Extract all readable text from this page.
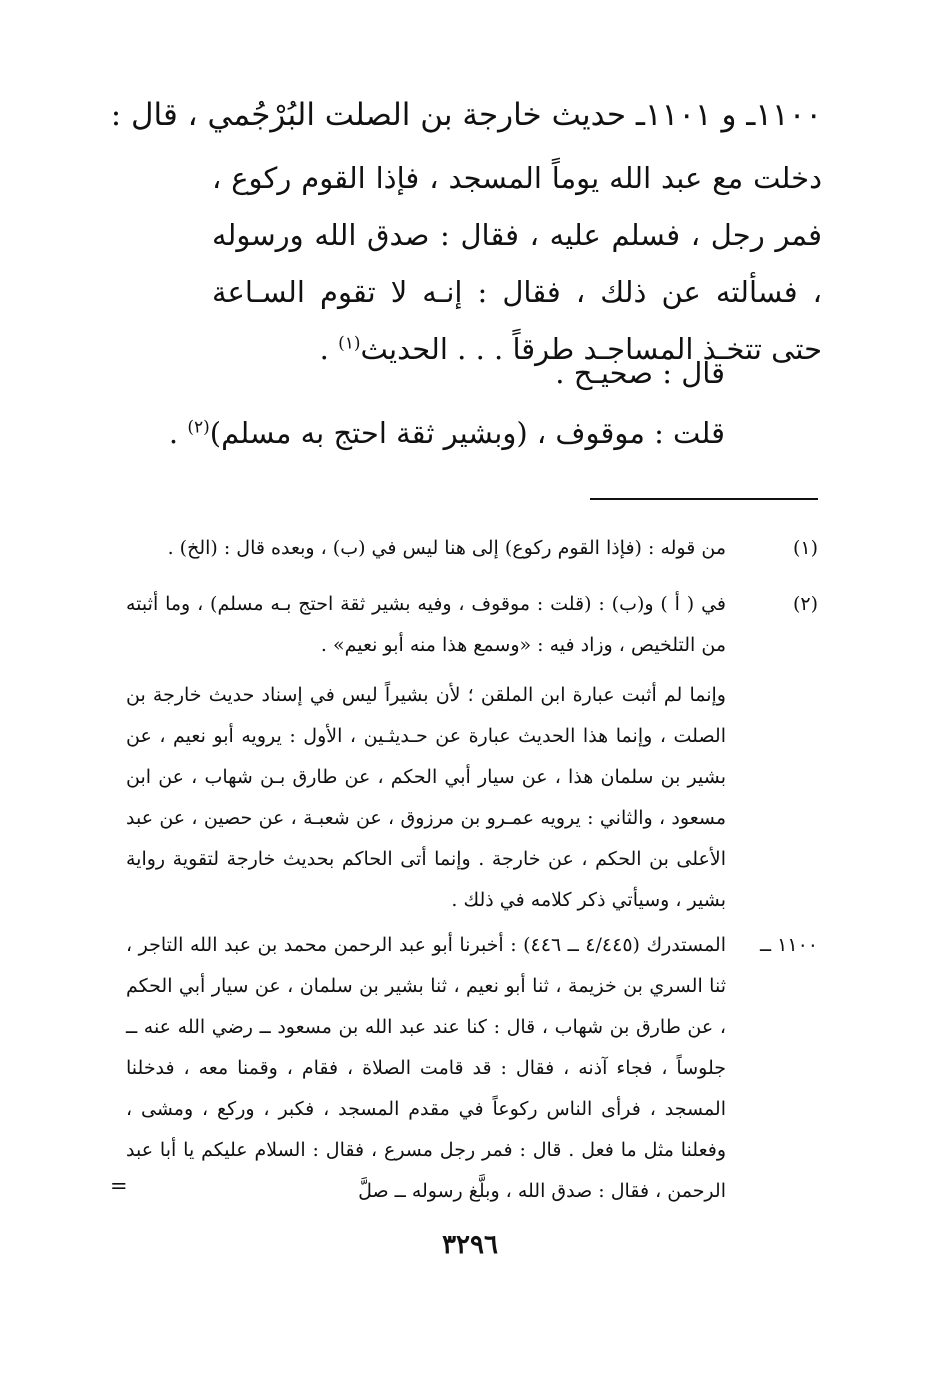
١١٠٠ـ و ١١٠١ـ حديث خارجة بن الصلت البُرْجُمي ، قال :

دخلت مع عبد الله يوماً المسجد ، فإذا القوم ركوع ، فمر رجل ، فسلم عليه ، فقال : صدق الله ورسوله ، فسألته عن ذلك ، فقال : إنـه لا تقوم السـاعة حتى تتخـذ المساجـد طرقاً . . . الحديث$^{(١)}$ .

قال : صحيـح .
قلت : موقوف ، (وبشير ثقة احتج به مسلم)$^{(٢)}$ .
(١)
من قوله : (فإذا القوم ركوع) إلى هنا ليس في (ب) ، وبعده قال : (الخ) .
(٢)
في ( أ ) و(ب) : (قلت : موقوف ، وفيه بشير ثقة احتج بـه مسلم) ، وما أثبته من التلخيص ، وزاد فيه : «وسمع هذا منه أبو نعيم» .
وإنما لم أثبت عبارة ابن الملقن ؛ لأن بشيراً ليس في إسناد حديث خارجة بن الصلت ، وإنما هذا الحديث عبارة عن حـديثـين ، الأول : يرويه أبو نعيم ، عن بشير بن سلمان هذا ، عن سيار أبي الحكم ، عن طارق بـن شهاب ، عن ابن مسعود ، والثاني : يرويه عمـرو بن مرزوق ، عن شعبـة ، عن حصين ، عن عبد الأعلى بن الحكم ، عن خارجة . وإنما أتى الحاكم بحديث خارجة لتقوية رواية بشير ، وسيأتي ذكر كلامه في ذلك .
١١٠٠ ــ
المستدرك (٤/٤٤٥ ــ ٤٤٦) : أخبرنا أبو عبد الرحمن محمد بن عبد الله التاجر ، ثنا السري بن خزيمة ، ثنا أبو نعيم ، ثنا بشير بن سلمان ، عن سيار أبي الحكم ، عن طارق بن شهاب ، قال : كنا عند عبد الله بن مسعود ــ رضي الله عنه ــ جلوساً ، فجاء آذنه ، فقال : قد قامت الصلاة ، فقام ، وقمنا معه ، فدخلنا المسجد ، فرأى الناس ركوعاً في مقدم المسجد ، فكبر ، وركع ، ومشى ، وفعلنا مثل ما فعل . قال : فمر رجل مسرع ، فقال : السلام عليكم يا أبا عبد الرحمن ، فقال : صدق الله ، وبلَّغ رسوله ــ صلَّ
=
٣٢٩٦
